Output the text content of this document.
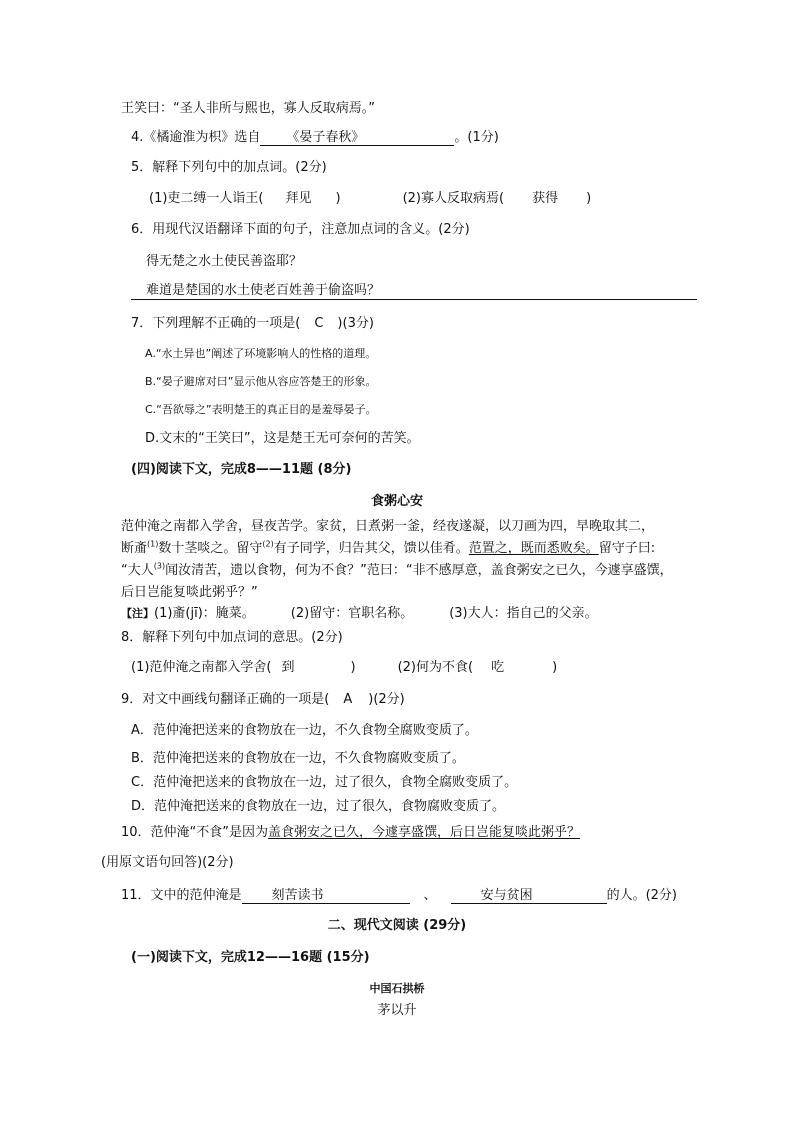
王笑曰：“圣人非所与熙也，寡人反取病焉。”
4.《橘逾淮为枳》选自 《晏子春秋》	。(1分)
5．解释下列句中的加点词。(2分)
(1)吏二缚一人诣王( 拜见 )	(2)寡人反取病焉( 获得 )
6．用现代汉语翻译下面的句子，注意加点词的含义。(2分)
得无楚之水土使民善盗耶？
难道是楚国的水土使老百姓善于偷盗吗？
7．下列理解不正确的一项是( C )(3分)
A.“水土异也”阐述了环境影响人的性格的道理。
B.“晏子避席对曰”显示他从容应答楚王的形象。
C.“吾欲辱之”表明楚王的真正目的是羞辱晏子。
D.文末的“王笑曰”，这是楚王无可奈何的苦笑。
(四)阅读下文，完成8——11题 (8分)
食粥心安
范仲淹之南都入学舍，昼夜苦学。家贫，日煮粥一釜，经夜遂凝，以刀画为四，早晚取其二，
断齑$^{(1)}$数十茎啖之。留守$^{(2)}$有子同学，归告其父，馈以佳肴。范置之，既而悉败矣。留守子曰:
“大人$^{(3)}$闻汝清苦，遗以食物，何为不食？”范曰：“非不感厚意，盖食粥安之已久，今遽享盛馔，
后日岂能复啖此粥乎？”
【注】(1)齑(jī)：腌菜。	(2)留守：官职名称。	(3)大人：指自己的父亲。
8．解释下列句中加点词的意思。(2分)
(1)范仲淹之南都入学舍( 到	)	(2)何为不食( 吃	)
9．对文中画线句翻译正确的一项是( A )(2分)
A．范仲淹把送来的食物放在一边，不久食物全腐败变质了。
B．范仲淹把送来的食物放在一边，不久食物腐败变质了。
C．范仲淹把送来的食物放在一边，过了很久，食物全腐败变质了。
D．范仲淹把送来的食物放在一边，过了很久，食物腐败变质了。
10．范仲淹“不食”是因为盖食粥安之已久，今遽享盛馔，后日岂能复啖此粥乎？
(用原文语句回答)(2分)
11．文中的范仲淹是 刻苦读书	、	安与贫困	的人。(2分)
二、现代文阅读 (29分)
(一)阅读下文，完成12——16题 (15分)
中国石拱桥
茅以升
